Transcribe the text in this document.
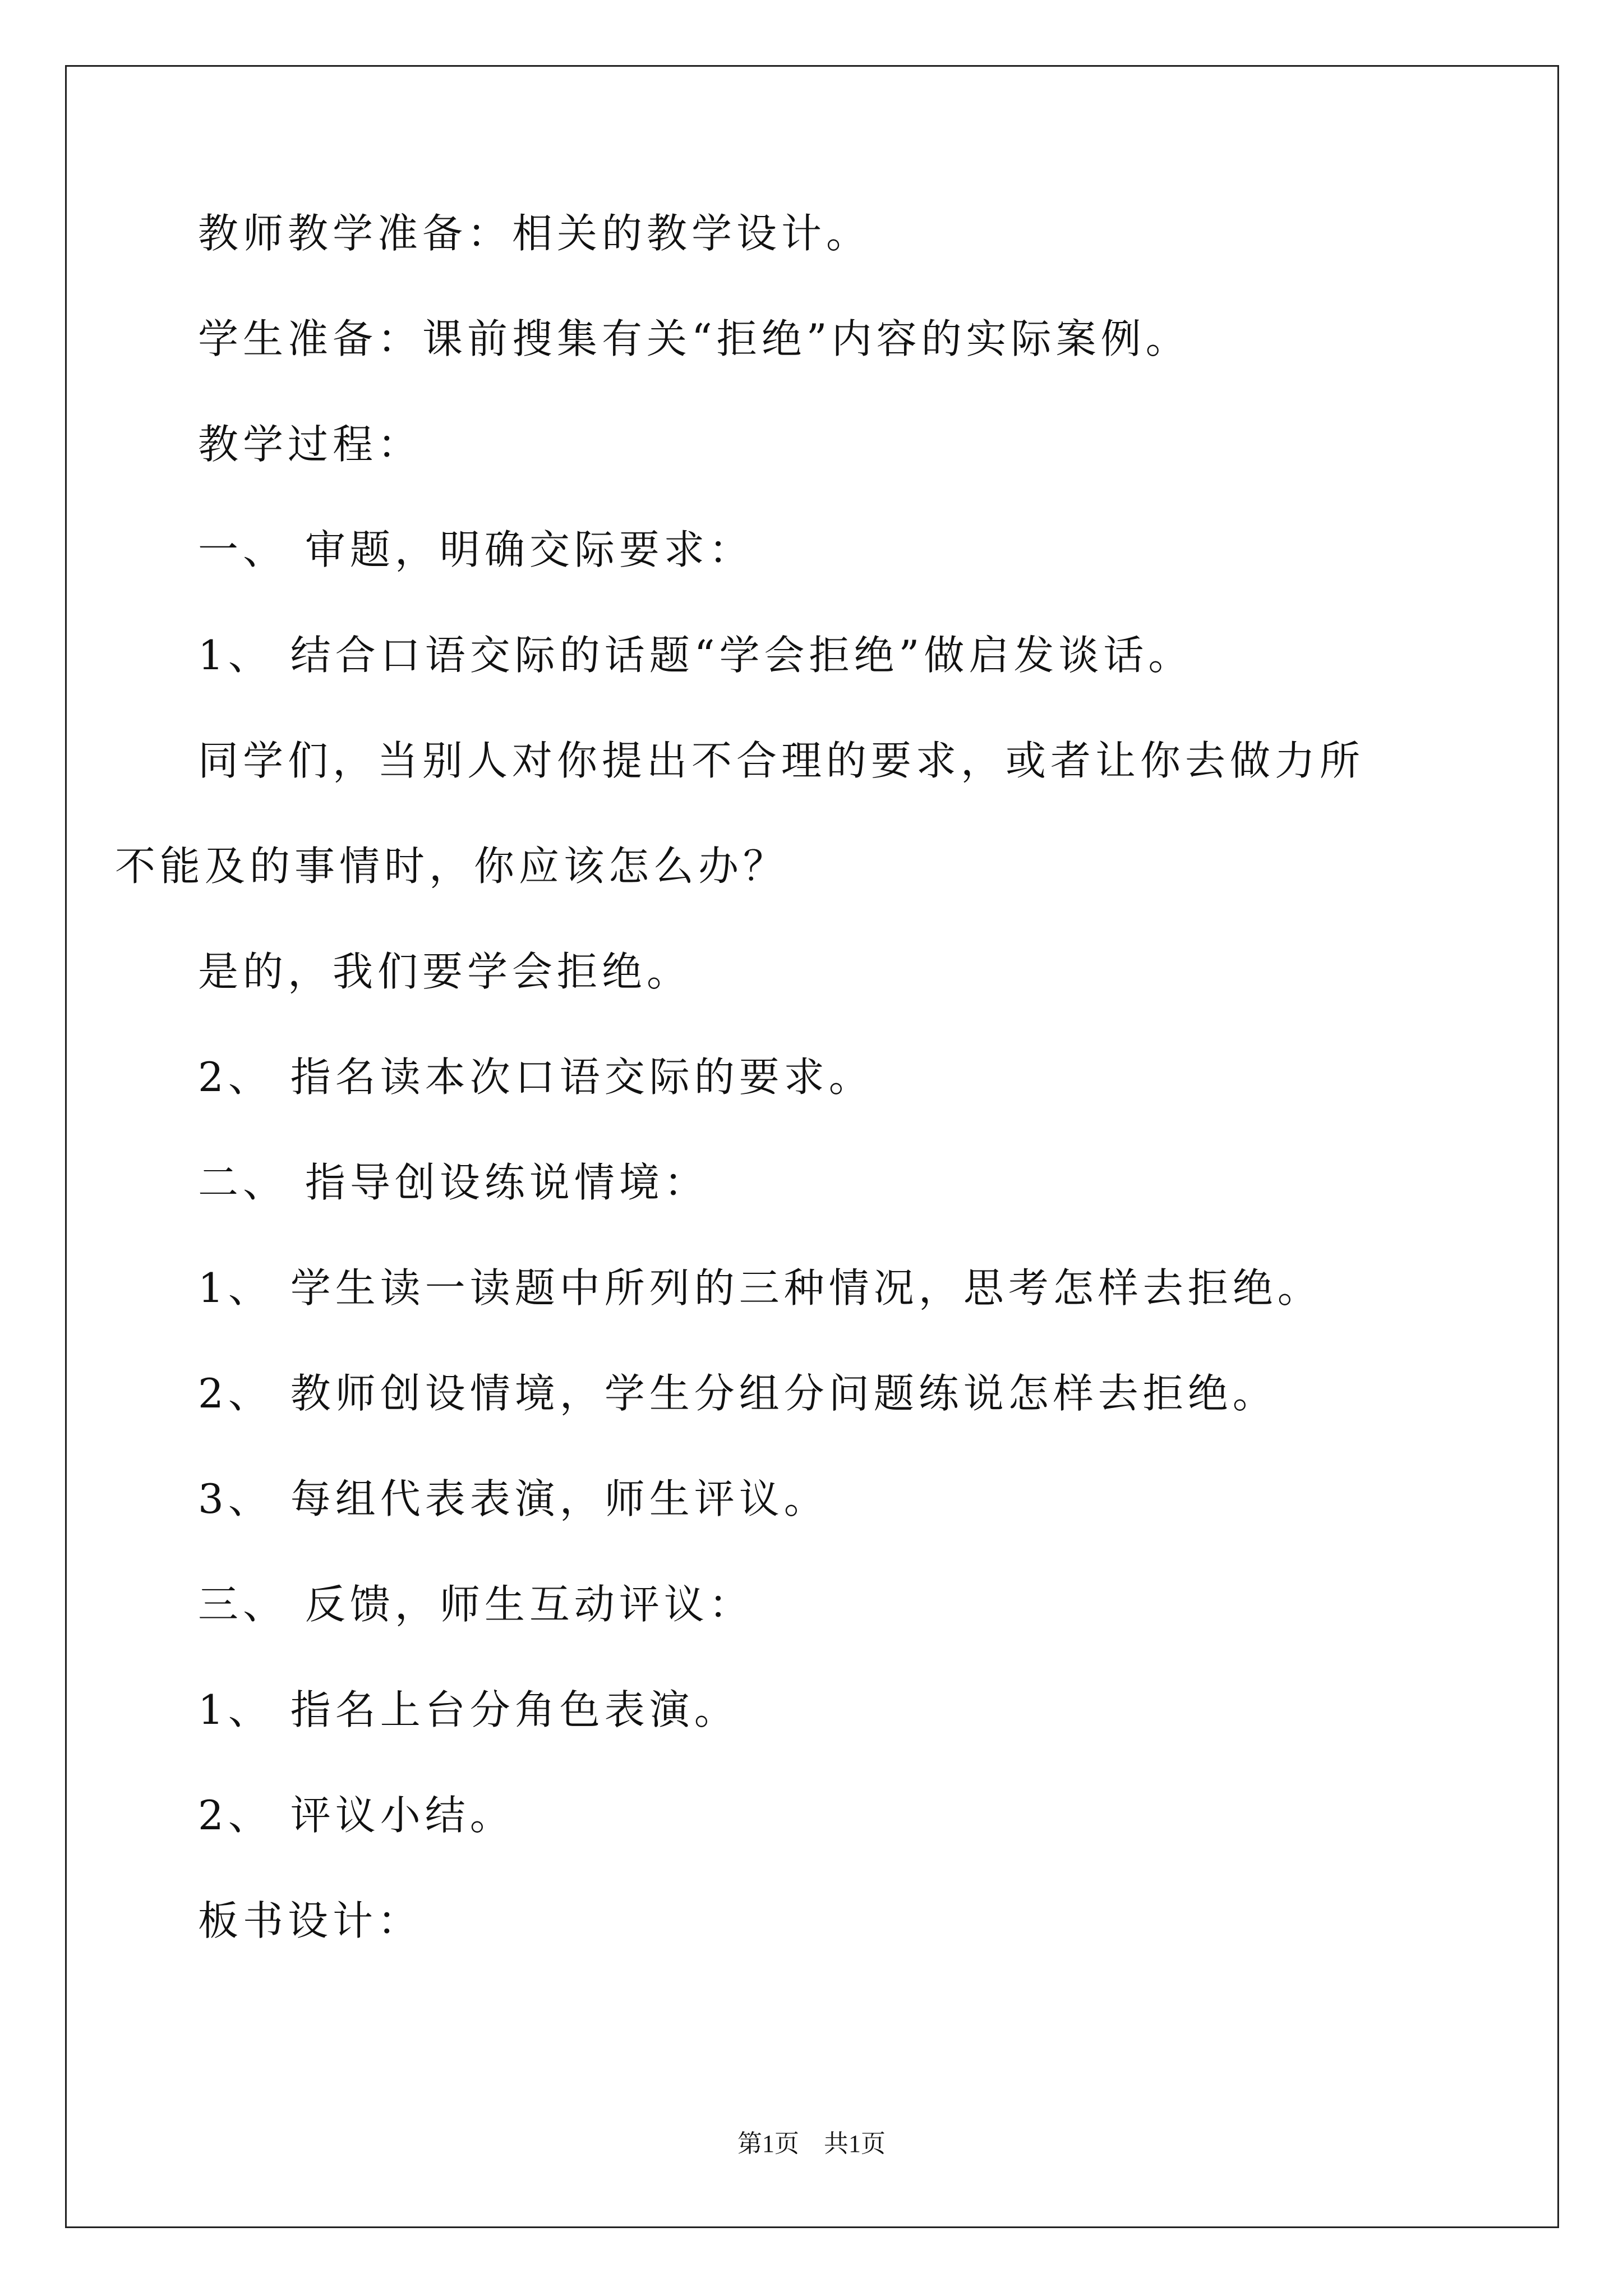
教师教学准备：相关的教学设计。

学生准备：课前搜集有关“拒绝”内容的实际案例。

教学过程：

一、 审题，明确交际要求：

1、 结合口语交际的话题“学会拒绝”做启发谈话。

同学们，当别人对你提出不合理的要求，或者让你去做力所不能及的事情时，你应该怎么办？

是的，我们要学会拒绝。

2、 指名读本次口语交际的要求。

二、 指导创设练说情境：

1、 学生读一读题中所列的三种情况，思考怎样去拒绝。

2、 教师创设情境，学生分组分问题练说怎样去拒绝。

3、 每组代表表演，师生评议。

三、 反馈，师生互动评议：

1、 指名上台分角色表演。

2、 评议小结。

板书设计：

第1页　共1页
